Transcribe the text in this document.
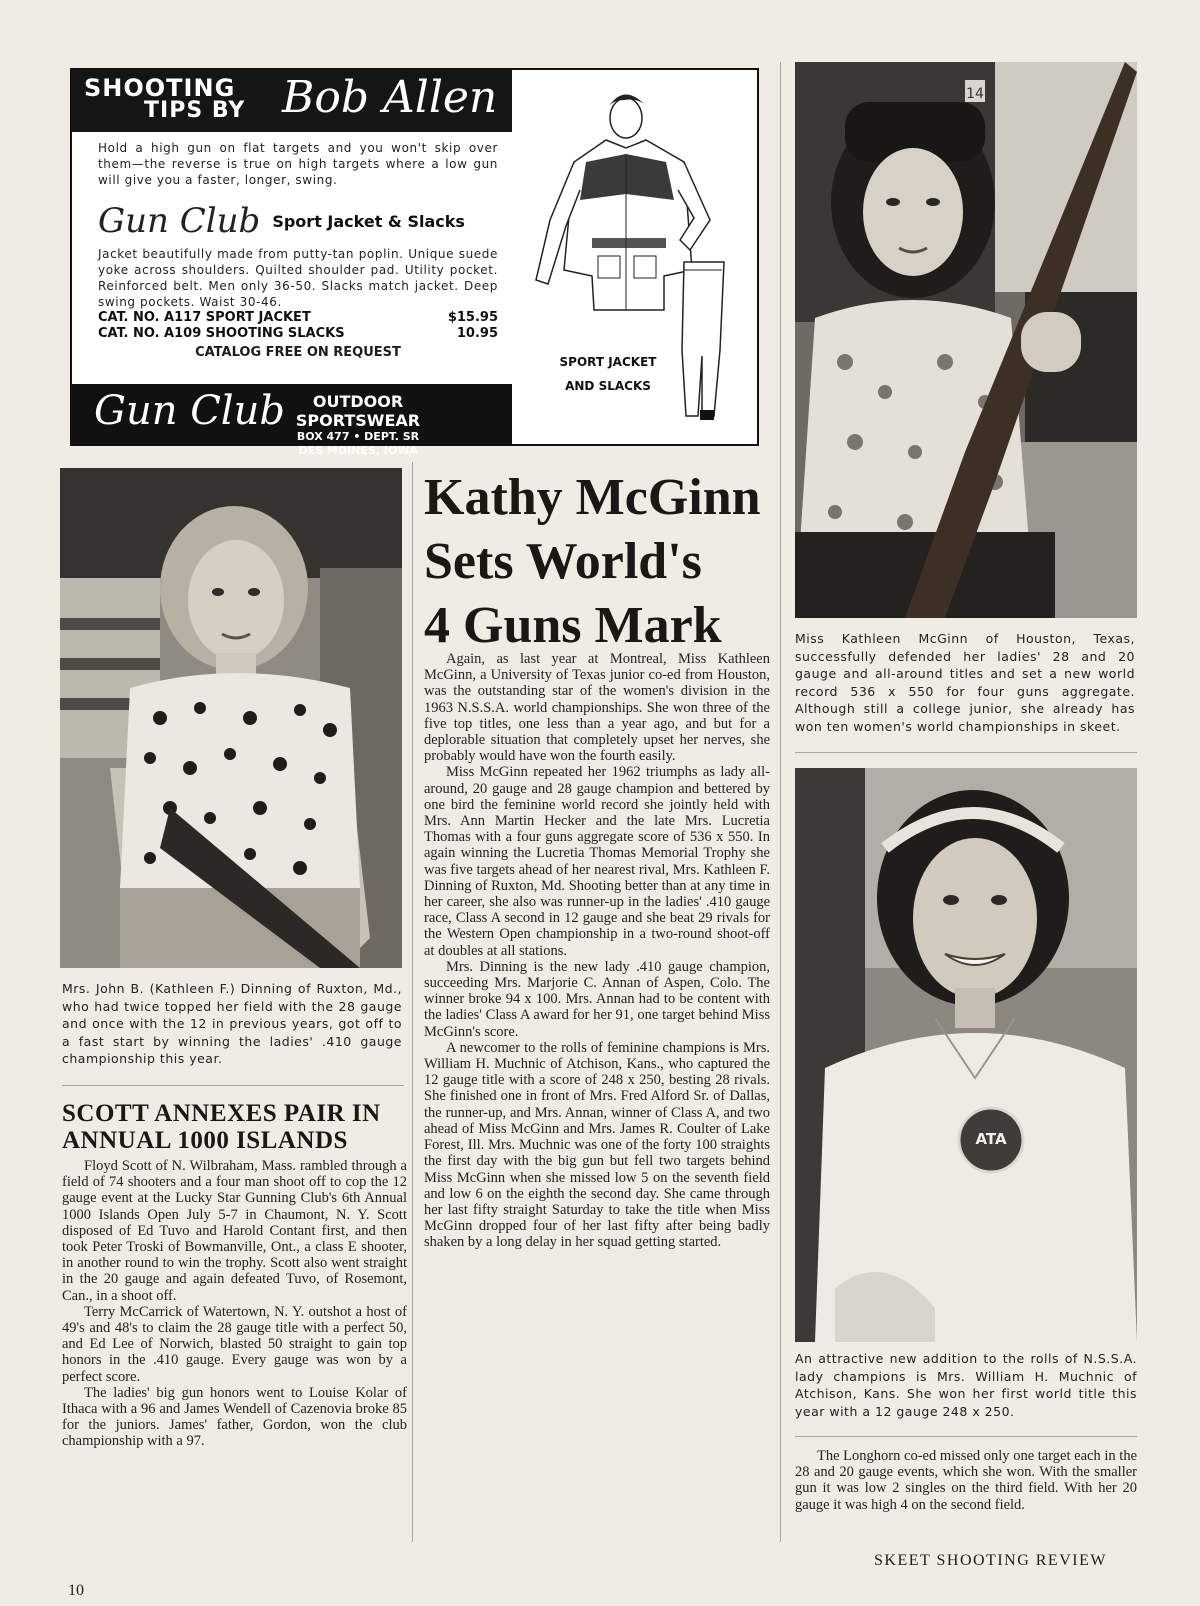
SHOOTING
TIPS BY Bob Allen

Hold a high gun on flat targets and you won't skip over them—the reverse is true on high targets where a low gun will give you a faster, longer, swing.

Gun Club Sport Jacket & Slacks

Jacket beautifully made from putty-tan poplin. Unique suede yoke across shoulders. Quilted shoulder pad. Utility pocket. Reinforced belt. Men only 36-50. Slacks match jacket. Deep swing pockets. Waist 30-46.

CAT. NO. A117 SPORT JACKET	$15.95

CAT. NO. A109 SHOOTING SLACKS	10.95

CATALOG FREE ON REQUEST
Gun Club	OUTDOOR SPORTSWEAR
BOX 477 • DEPT. SR
DES MOINES, IOWA
SPORT JACKET
AND SLACKS
14
ATA

Miss Kathleen McGinn of Houston, Texas, successfully defended her ladies' 28 and 20 gauge and all-around titles and set a new world record 536 x 550 for four guns aggregate. Although still a college junior, she already has won ten women's world championships in skeet.

Mrs. John B. (Kathleen F.) Dinning of Ruxton, Md., who had twice topped her field with the 28 gauge and once with the 12 in previous years, got off to a fast start by winning the ladies' .410 gauge championship this year.

An attractive new addition to the rolls of N.S.S.A. lady champions is Mrs. William H. Muchnic of Atchison, Kans. She won her first world title this year with a 12 gauge 248 x 250.

Kathy McGinn
Sets World's
4 Guns Mark

Again, as last year at Montreal, Miss Kathleen McGinn, a University of Texas junior co-ed from Houston, was the outstanding star of the women's division in the 1963 N.S.S.A. world championships. She won three of the five top titles, one less than a year ago, and but for a deplorable situation that completely upset her nerves, she probably would have won the fourth easily.

Miss McGinn repeated her 1962 triumphs as lady all-around, 20 gauge and 28 gauge champion and bettered by one bird the feminine world record she jointly held with Mrs. Ann Martin Hecker and the late Mrs. Lucretia Thomas with a four guns aggregate score of 536 x 550. In again winning the Lucretia Thomas Memorial Trophy she was five targets ahead of her nearest rival, Mrs. Kathleen F. Dinning of Ruxton, Md. Shooting better than at any time in her career, she also was runner-up in the ladies' .410 gauge race, Class A second in 12 gauge and she beat 29 rivals for the Western Open championship in a two-round shoot-off at doubles at all stations.

Mrs. Dinning is the new lady .410 gauge champion, succeeding Mrs. Marjorie C. Annan of Aspen, Colo. The winner broke 94 x 100. Mrs. Annan had to be content with the ladies' Class A award for her 91, one target behind Miss McGinn's score.

A newcomer to the rolls of feminine champions is Mrs. William H. Muchnic of Atchison, Kans., who captured the 12 gauge title with a score of 248 x 250, besting 28 rivals. She finished one in front of Mrs. Fred Alford Sr. of Dallas, the runner-up, and Mrs. Annan, winner of Class A, and two ahead of Miss McGinn and Mrs. James R. Coulter of Lake Forest, Ill. Mrs. Muchnic was one of the forty 100 straights the first day with the big gun but fell two targets behind Miss McGinn when she missed low 5 on the seventh field and low 6 on the eighth the second day. She came through her last fifty straight Saturday to take the title when Miss McGinn dropped four of her last fifty after being badly shaken by a long delay in her squad getting started.

The Longhorn co-ed missed only one target each in the 28 and 20 gauge events, which she won. With the smaller gun it was low 2 singles on the third field. With her 20 gauge it was high 4 on the second field.

SCOTT ANNEXES PAIR IN ANNUAL 1000 ISLANDS

Floyd Scott of N. Wilbraham, Mass. rambled through a field of 74 shooters and a four man shoot off to cop the 12 gauge event at the Lucky Star Gunning Club's 6th Annual 1000 Islands Open July 5-7 in Chaumont, N. Y. Scott disposed of Ed Tuvo and Harold Contant first, and then took Peter Troski of Bowmanville, Ont., a class E shooter, in another round to win the trophy. Scott also went straight in the 20 gauge and again defeated Tuvo, of Rosemont, Can., in a shoot off.

Terry McCarrick of Watertown, N. Y. outshot a host of 49's and 48's to claim the 28 gauge title with a perfect 50, and Ed Lee of Norwich, blasted 50 straight to gain top honors in the .410 gauge. Every gauge was won by a perfect score.

The ladies' big gun honors went to Louise Kolar of Ithaca with a 96 and James Wendell of Cazenovia broke 85 for the juniors. James' father, Gordon, won the club championship with a 97.

10
SKEET SHOOTING REVIEW
